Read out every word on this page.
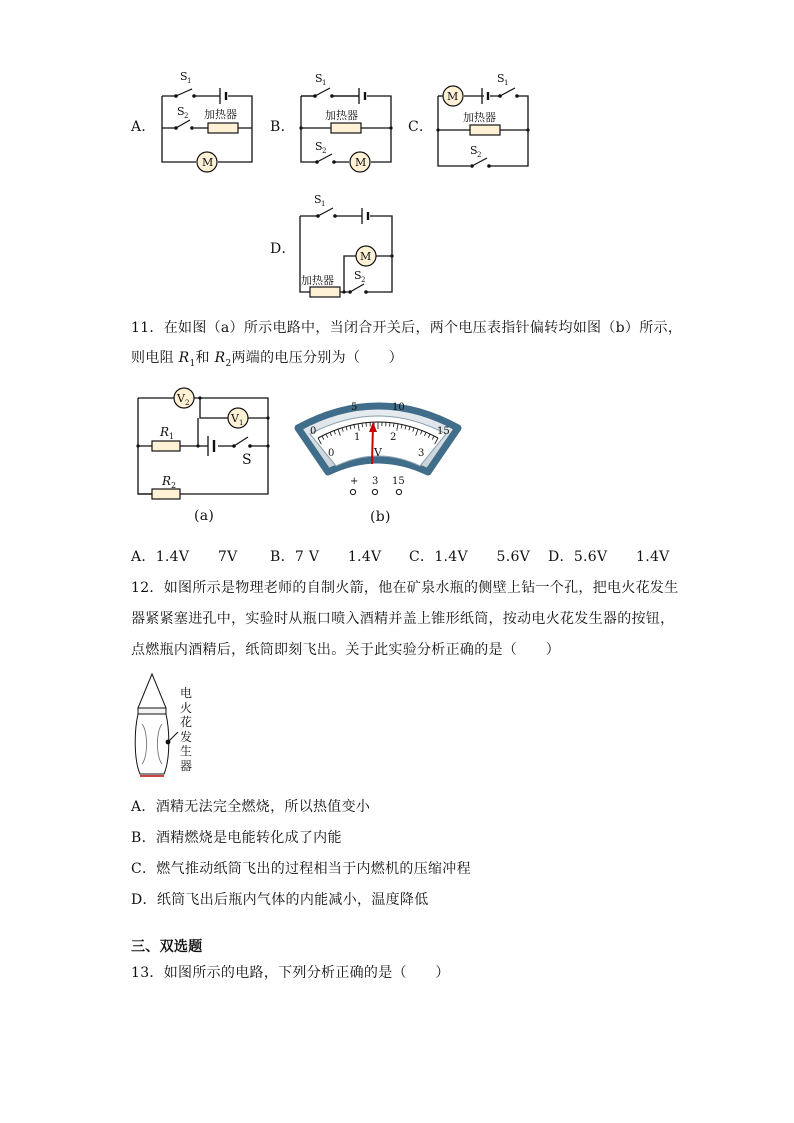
A．
S 1
S 2 加热器
M
B．
S 1
加热器
S 2
M
C．
M
S 1
加热器
S 2
D．
S 1
M
加热器 S 2
11．在如图（a）所示电路中，当闭合开关后，两个电压表指针偏转均如图（b）所示，
则电阻 $R_1$和 $R_2$两端的电压分别为（　　）
V 2
V 1
R 1
S
R 2
(a)
0
5	10
15
0
1	2
3
V
+ 3 15
(b)
A．1.4V　　7V B．7 V　　1.4V C．1.4V　　5.6V D．5.6V　　1.4V
12．如图所示是物理老师的自制火箭，他在矿泉水瓶的侧壁上钻一个孔，把电火花发生
器紧紧塞进孔中，实验时从瓶口喷入酒精并盖上锥形纸筒，按动电火花发生器的按钮，
点燃瓶内酒精后，纸筒即刻飞出。关于此实验分析正确的是（　　）
电
火
花
发
生
器
A．酒精无法完全燃烧，所以热值变小
B．酒精燃烧是电能转化成了内能
C．燃气推动纸筒飞出的过程相当于内燃机的压缩冲程
D．纸筒飞出后瓶内气体的内能减小，温度降低
三、双选题
13．如图所示的电路，下列分析正确的是（　　）
